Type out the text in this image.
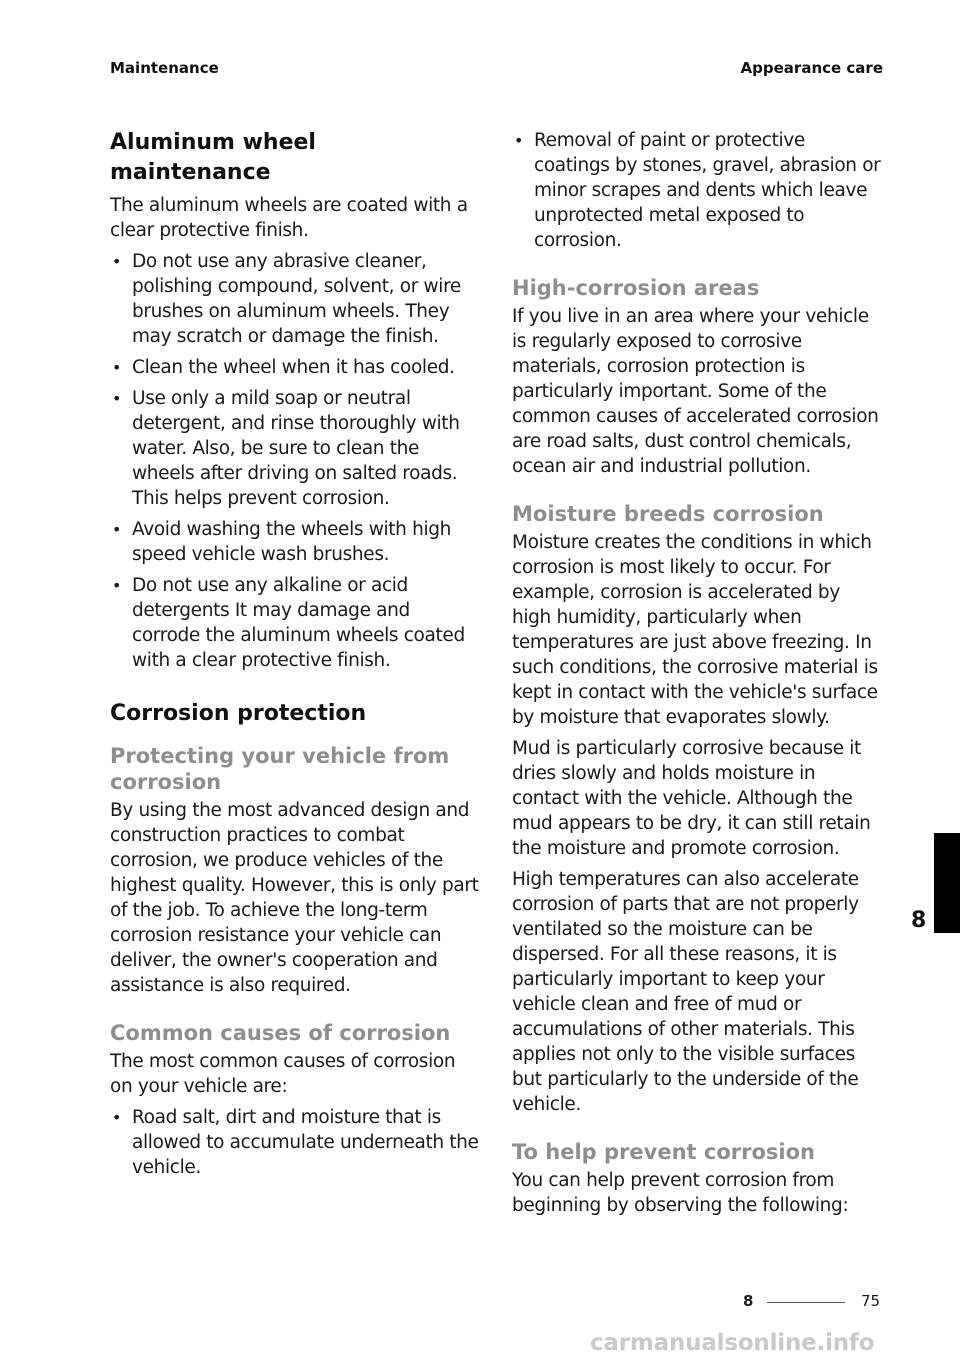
Maintenance	Appearance care
Aluminum wheel maintenance

The aluminum wheels are coated with a clear protective finish.

• Do not use any abrasive cleaner, polishing compound, solvent, or wire brushes on aluminum wheels. They may scratch or damage the finish.
• Clean the wheel when it has cooled.
• Use only a mild soap or neutral detergent, and rinse thoroughly with water. Also, be sure to clean the wheels after driving on salted roads. This helps prevent corrosion.
• Avoid washing the wheels with high speed vehicle wash brushes.
• Do not use any alkaline or acid detergents It may damage and corrode the aluminum wheels coated with a clear protective finish.
Corrosion protection
Protecting your vehicle from corrosion

By using the most advanced design and construction practices to combat corrosion, we produce vehicles of the highest quality. However, this is only part of the job. To achieve the long-term corrosion resistance your vehicle can deliver, the owner's cooperation and assistance is also required.

Common causes of corrosion

The most common causes of corrosion on your vehicle are:

• Road salt, dirt and moisture that is allowed to accumulate underneath the vehicle.
• Removal of paint or protective coatings by stones, gravel, abrasion or minor scrapes and dents which leave unprotected metal exposed to corrosion.
High-corrosion areas

If you live in an area where your vehicle is regularly exposed to corrosive materials, corrosion protection is particularly important. Some of the common causes of accelerated corrosion are road salts, dust control chemicals, ocean air and industrial pollution.

Moisture breeds corrosion

Moisture creates the conditions in which corrosion is most likely to occur. For example, corrosion is accelerated by high humidity, particularly when temperatures are just above freezing. In such conditions, the corrosive material is kept in contact with the vehicle's surface by moisture that evaporates slowly.

Mud is particularly corrosive because it dries slowly and holds moisture in contact with the vehicle. Although the mud appears to be dry, it can still retain the moisture and promote corrosion.

High temperatures can also accelerate corrosion of parts that are not properly ventilated so the moisture can be dispersed. For all these reasons, it is particularly important to keep your vehicle clean and free of mud or accumulations of other materials. This applies not only to the visible surfaces but particularly to the underside of the vehicle.

To help prevent corrosion

You can help prevent corrosion from beginning by observing the following:

8
8	75
carmanualsonline.info
